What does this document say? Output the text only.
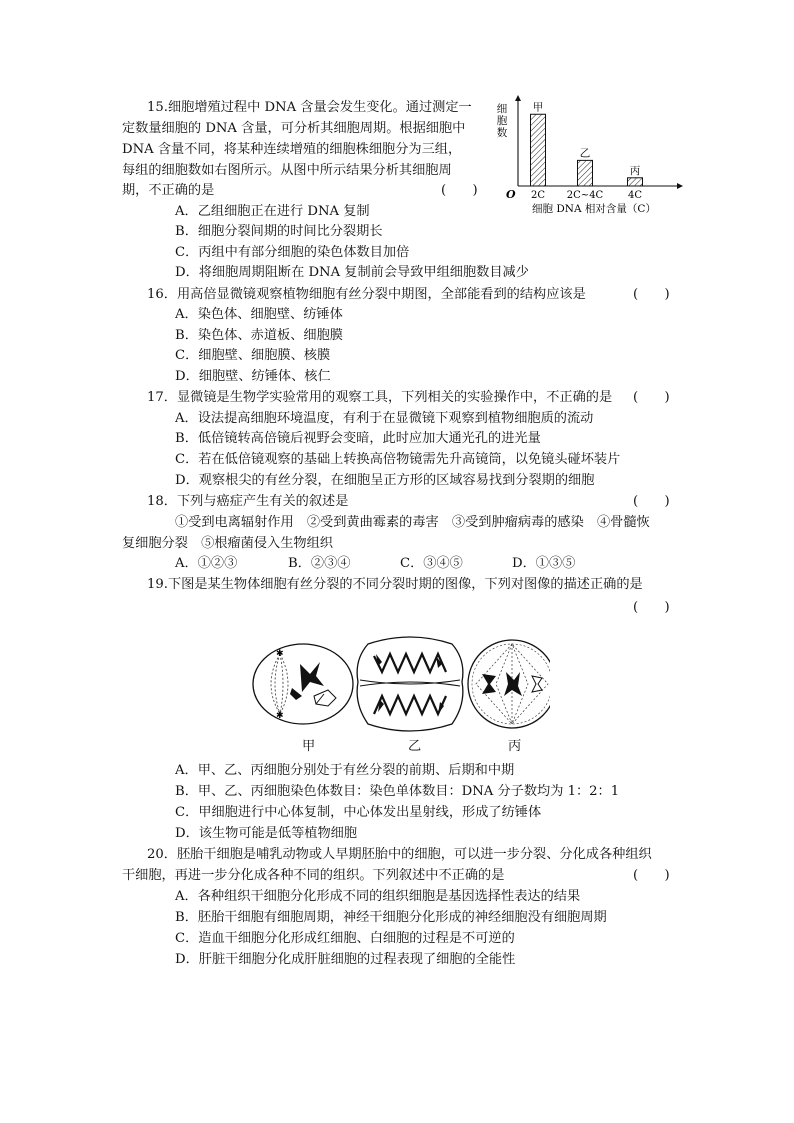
15.细胞增殖过程中 DNA 含量会发生变化。通过测定一
定数量细胞的 DNA 含量，可分析其细胞周期。根据细胞中
DNA 含量不同，将某种连续增殖的细胞株细胞分为三组，
每组的细胞数如右图所示。从图中所示结果分析其细胞周
期，不正确的是	(　　)
A．乙组细胞正在进行 DNA 复制
B．细胞分裂间期的时间比分裂期长
C．丙组中有部分细胞的染色体数目加倍
D．将细胞周期阻断在 DNA 复制前会导致甲组细胞数目减少
细
胞
数
O
甲
2C
乙
2C~4C
丙
4C
细胞 DNA 相对含量（C）
16．用高倍显微镜观察植物细胞有丝分裂中期图，全部能看到的结构应该是	(　　)
A．染色体、细胞壁、纺锤体
B．染色体、赤道板、细胞膜
C．细胞壁、细胞膜、核膜
D．细胞壁、纺锤体、核仁
17．显微镜是生物学实验常用的观察工具，下列相关的实验操作中，不正确的是 (　　)
A．设法提高细胞环境温度，有利于在显微镜下观察到植物细胞质的流动
B．低倍镜转高倍镜后视野会变暗，此时应加大通光孔的进光量
C．若在低倍镜观察的基础上转换高倍物镜需先升高镜筒，以免镜头碰坏装片
D．观察根尖的有丝分裂，在细胞呈正方形的区域容易找到分裂期的细胞
18．下列与癌症产生有关的叙述是	(　　)
①受到电离辐射作用　②受到黄曲霉素的毒害　③受到肿瘤病毒的感染　④骨髓恢
复细胞分裂　⑤根瘤菌侵入生物组织
A．①②③	B．②③④	C．③④⑤	D．①③⑤
19.下图是某生物体细胞有丝分裂的不同分裂时期的图像，下列对图像的描述正确的是
(　　)
✱
✱
甲	乙	丙
A．甲、乙、丙细胞分别处于有丝分裂的前期、后期和中期
B．甲、乙、丙细胞染色体数目：染色单体数目：DNA 分子数均为 1：2：1
C．甲细胞进行中心体复制，中心体发出星射线，形成了纺锤体
D．该生物可能是低等植物细胞
20．胚胎干细胞是哺乳动物或人早期胚胎中的细胞，可以进一步分裂、分化成各种组织
干细胞，再进一步分化成各种不同的组织。下列叙述中不正确的是	(　　)
A．各种组织干细胞分化形成不同的组织细胞是基因选择性表达的结果
B．胚胎干细胞有细胞周期，神经干细胞分化形成的神经细胞没有细胞周期
C．造血干细胞分化形成红细胞、白细胞的过程是不可逆的
D．肝脏干细胞分化成肝脏细胞的过程表现了细胞的全能性
